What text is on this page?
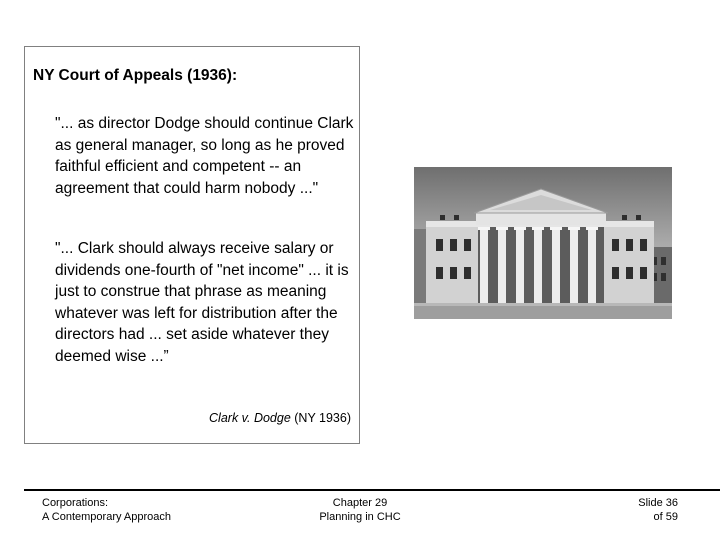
NY Court of Appeals (1936):
"... as director Dodge should continue Clark as general manager, so long as he proved faithful efficient and competent -- an agreement that could harm nobody ..."
"... Clark should always receive salary or dividends one-fourth of "net income" ... it is just to construe that phrase as meaning whatever was left for distribution after the directors had ... set aside whatever they deemed wise ...”
Clark v. Dodge (NY 1936)
Corporations:
A Contemporary Approach
Chapter 29
Planning in CHC
Slide 36
of 59
